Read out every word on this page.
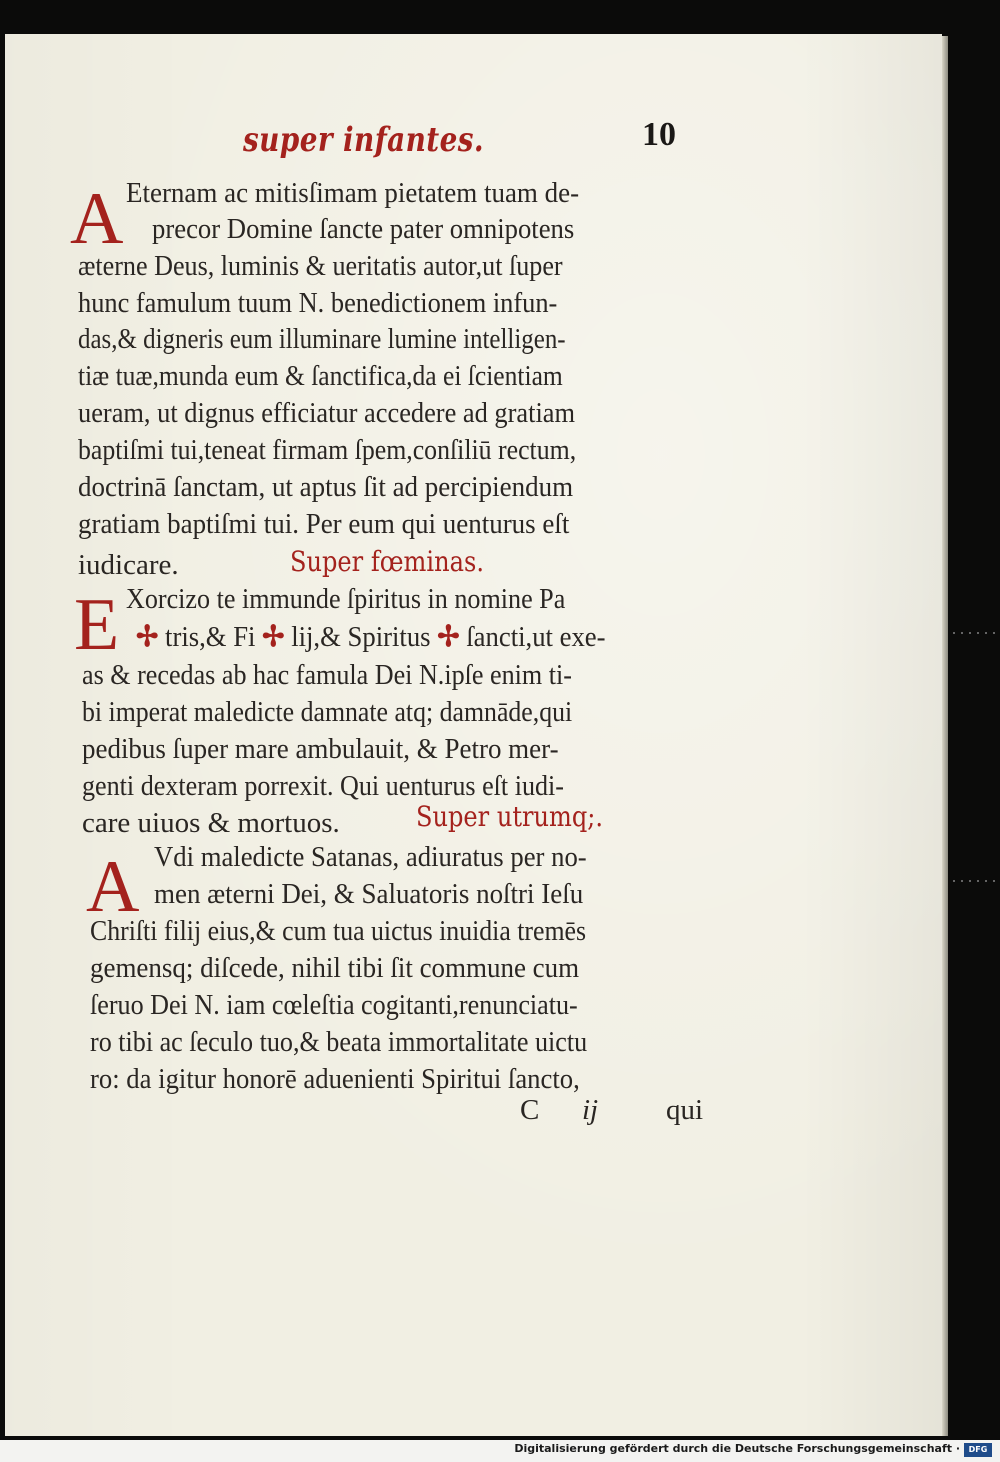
super infantes.	10
A Eternam ac mitisſimam pietatem tuam de-
precor Domine ſancte pater omnipotens
æterne Deus, luminis & ueritatis autor,ut ſuper
hunc famulum tuum N. benedictionem infun-
das,& digneris eum illuminare lumine intelligen-
tiæ tuæ,munda eum & ſanctifica,da ei ſcientiam
ueram, ut dignus efficiatur accedere ad gratiam
baptiſmi tui,teneat firmam ſpem,conſiliū rectum,
doctrinā ſanctam, ut aptus ſit ad percipiendum
gratiam baptiſmi tui. Per eum qui uenturus eſt
iudicare.	Super fœminas.
E Xorcizo te immunde ſpiritus in nomine Pa
✢ tris,& Fi ✢ lij,& Spiritus ✢ ſancti,ut exe-
as & recedas ab hac famula Dei N.ipſe enim ti-
bi imperat maledicte damnate atq; damnāde,qui
pedibus ſuper mare ambulauit, & Petro mer-
genti dexteram porrexit. Qui uenturus eſt iudi-
care uiuos & mortuos.	Super utrumq;.
A Vdi maledicte Satanas, adiuratus per no-
men æterni Dei, & Saluatoris noſtri Ieſu
Chriſti filij eius,& cum tua uictus inuidia tremēs
gemensq; diſcede, nihil tibi ſit commune cum
ſeruo Dei N. iam cœleſtia cogitanti,renunciatu-
ro tibi ac ſeculo tuo,& beata immortalitate uictu
ro: da igitur honorē aduenienti Spiritui ſancto,
C ij qui
Digitalisierung gefördert durch die Deutsche Forschungsgemeinschaft ·	DFG
